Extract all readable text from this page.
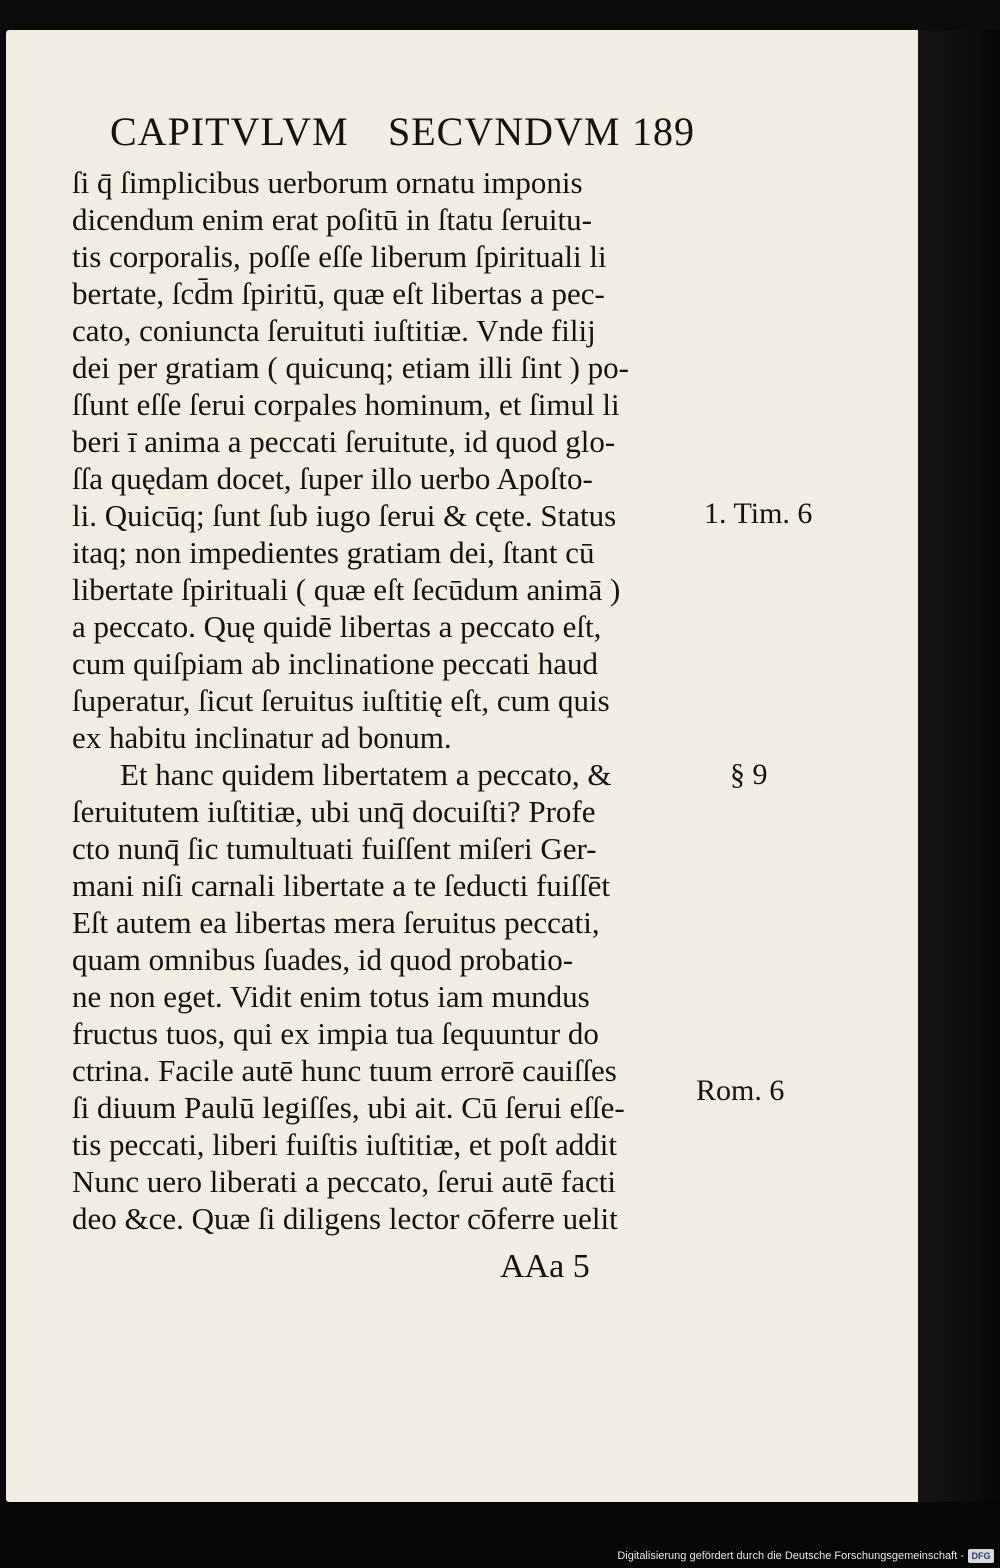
CAPITVLVM SECVNDVM 189
ſi q̄ ſimplicibus uerborum ornatu imponis
dicendum enim erat poſitū in ſtatu ſeruitu-
tis corporalis, poſſe eſſe liberum ſpirituali li
bertate, ſcd̄m ſpiritū, quæ eſt libertas a pec-
cato, coniuncta ſeruituti iuſtitiæ. Vnde filij
dei per gratiam ( quicunq; etiam illi ſint ) po-
ſſunt eſſe ſerui corpales hominum, et ſimul li
beri ī anima a peccati ſeruitute, id quod glo-
ſſa quędam docet, ſuper illo uerbo Apoſto-
li. Quicūq; ſunt ſub iugo ſerui & cęte. Status
itaq; non impedientes gratiam dei, ſtant cū
libertate ſpirituali ( quæ eſt ſecūdum animā )
a peccato. Quę quidē libertas a peccato eſt,
cum quiſpiam ab inclinatione peccati haud
ſuperatur, ſicut ſeruitus iuſtitię eſt, cum quis
ex habitu inclinatur ad bonum.
Et hanc quidem libertatem a peccato, &
ſeruitutem iuſtitiæ, ubi unq̄ docuiſti? Profe
cto nunq̄ ſic tumultuati fuiſſent miſeri Ger-
mani niſi carnali libertate a te ſeducti fuiſſēt
Eſt autem ea libertas mera ſeruitus peccati,
quam omnibus ſuades, id quod probatio-
ne non eget. Vidit enim totus iam mundus
fructus tuos, qui ex impia tua ſequuntur do
ctrina. Facile autē hunc tuum errorē cauiſſes
ſi diuum Paulū legiſſes, ubi ait. Cū ſerui eſſe-
tis peccati, liberi fuiſtis iuſtitiæ, et poſt addit
Nunc uero liberati a peccato, ſerui autē facti
deo &ce. Quæ ſi diligens lector cōferre uelit
1. Tim. 6
§ 9
Rom. 6
AAa 5
Digitalisierung gefördert durch die Deutsche Forschungsgemeinschaft - DFG
